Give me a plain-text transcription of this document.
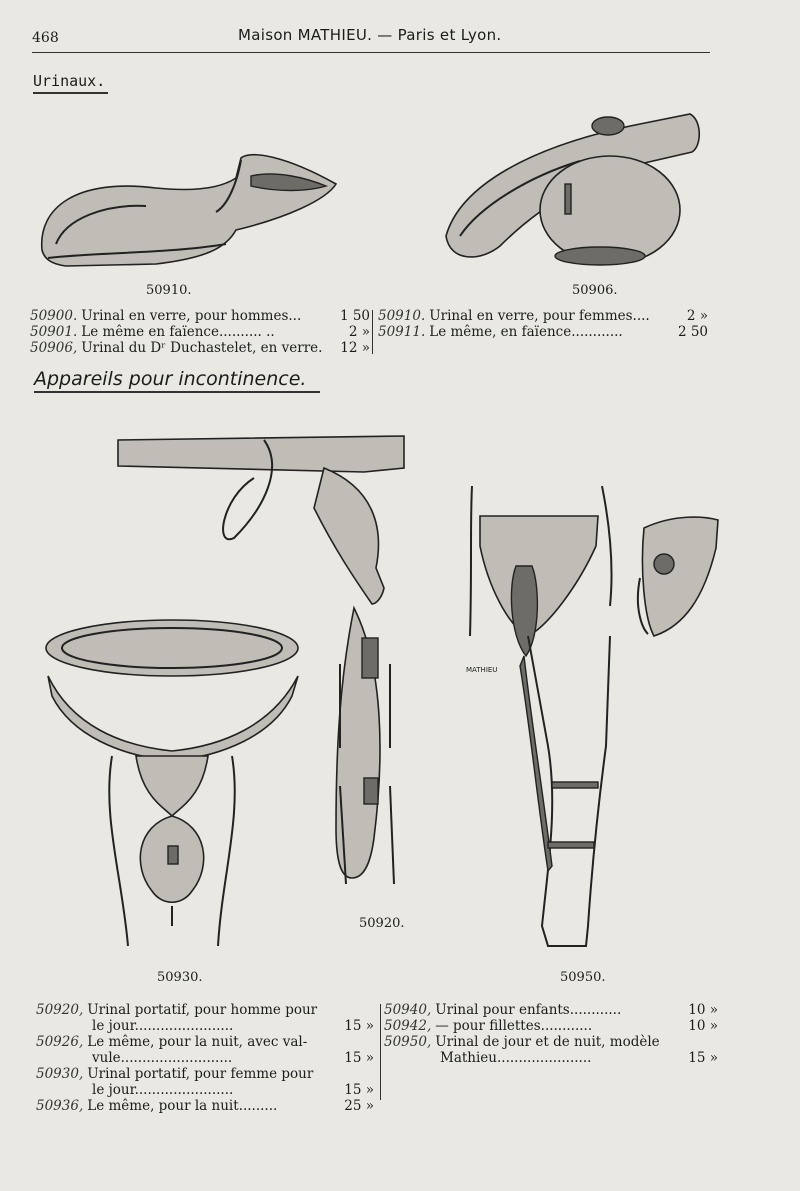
468	Maison MATHIEU. — Paris et Lyon.
Urinaux.
50910.	50906.
50900. Urinal en verre, pour hommes...	1 50
50901. Le même en faïence.......... ..	2 »
50906, Urinal du Dʳ Duchastelet, en verre.	12 »
50910. Urinal en verre, pour femmes....	2 »
50911. Le même, en faïence............	2 50
Appareils pour incontinence.
MATHIEU
50920.
50930.	50950.
50920, Urinal portatif, pour homme pour
le jour.......................	15 »
50926, Le même, pour la nuit, avec val-
vule..........................	15 »
50930, Urinal portatif, pour femme pour
le jour.......................	15 »
50936, Le même, pour la nuit.........	25 »
50940, Urinal pour enfants............	10 »
50942, — pour fillettes............	10 »
50950, Urinal de jour et de nuit, modèle
Mathieu......................	15 »
